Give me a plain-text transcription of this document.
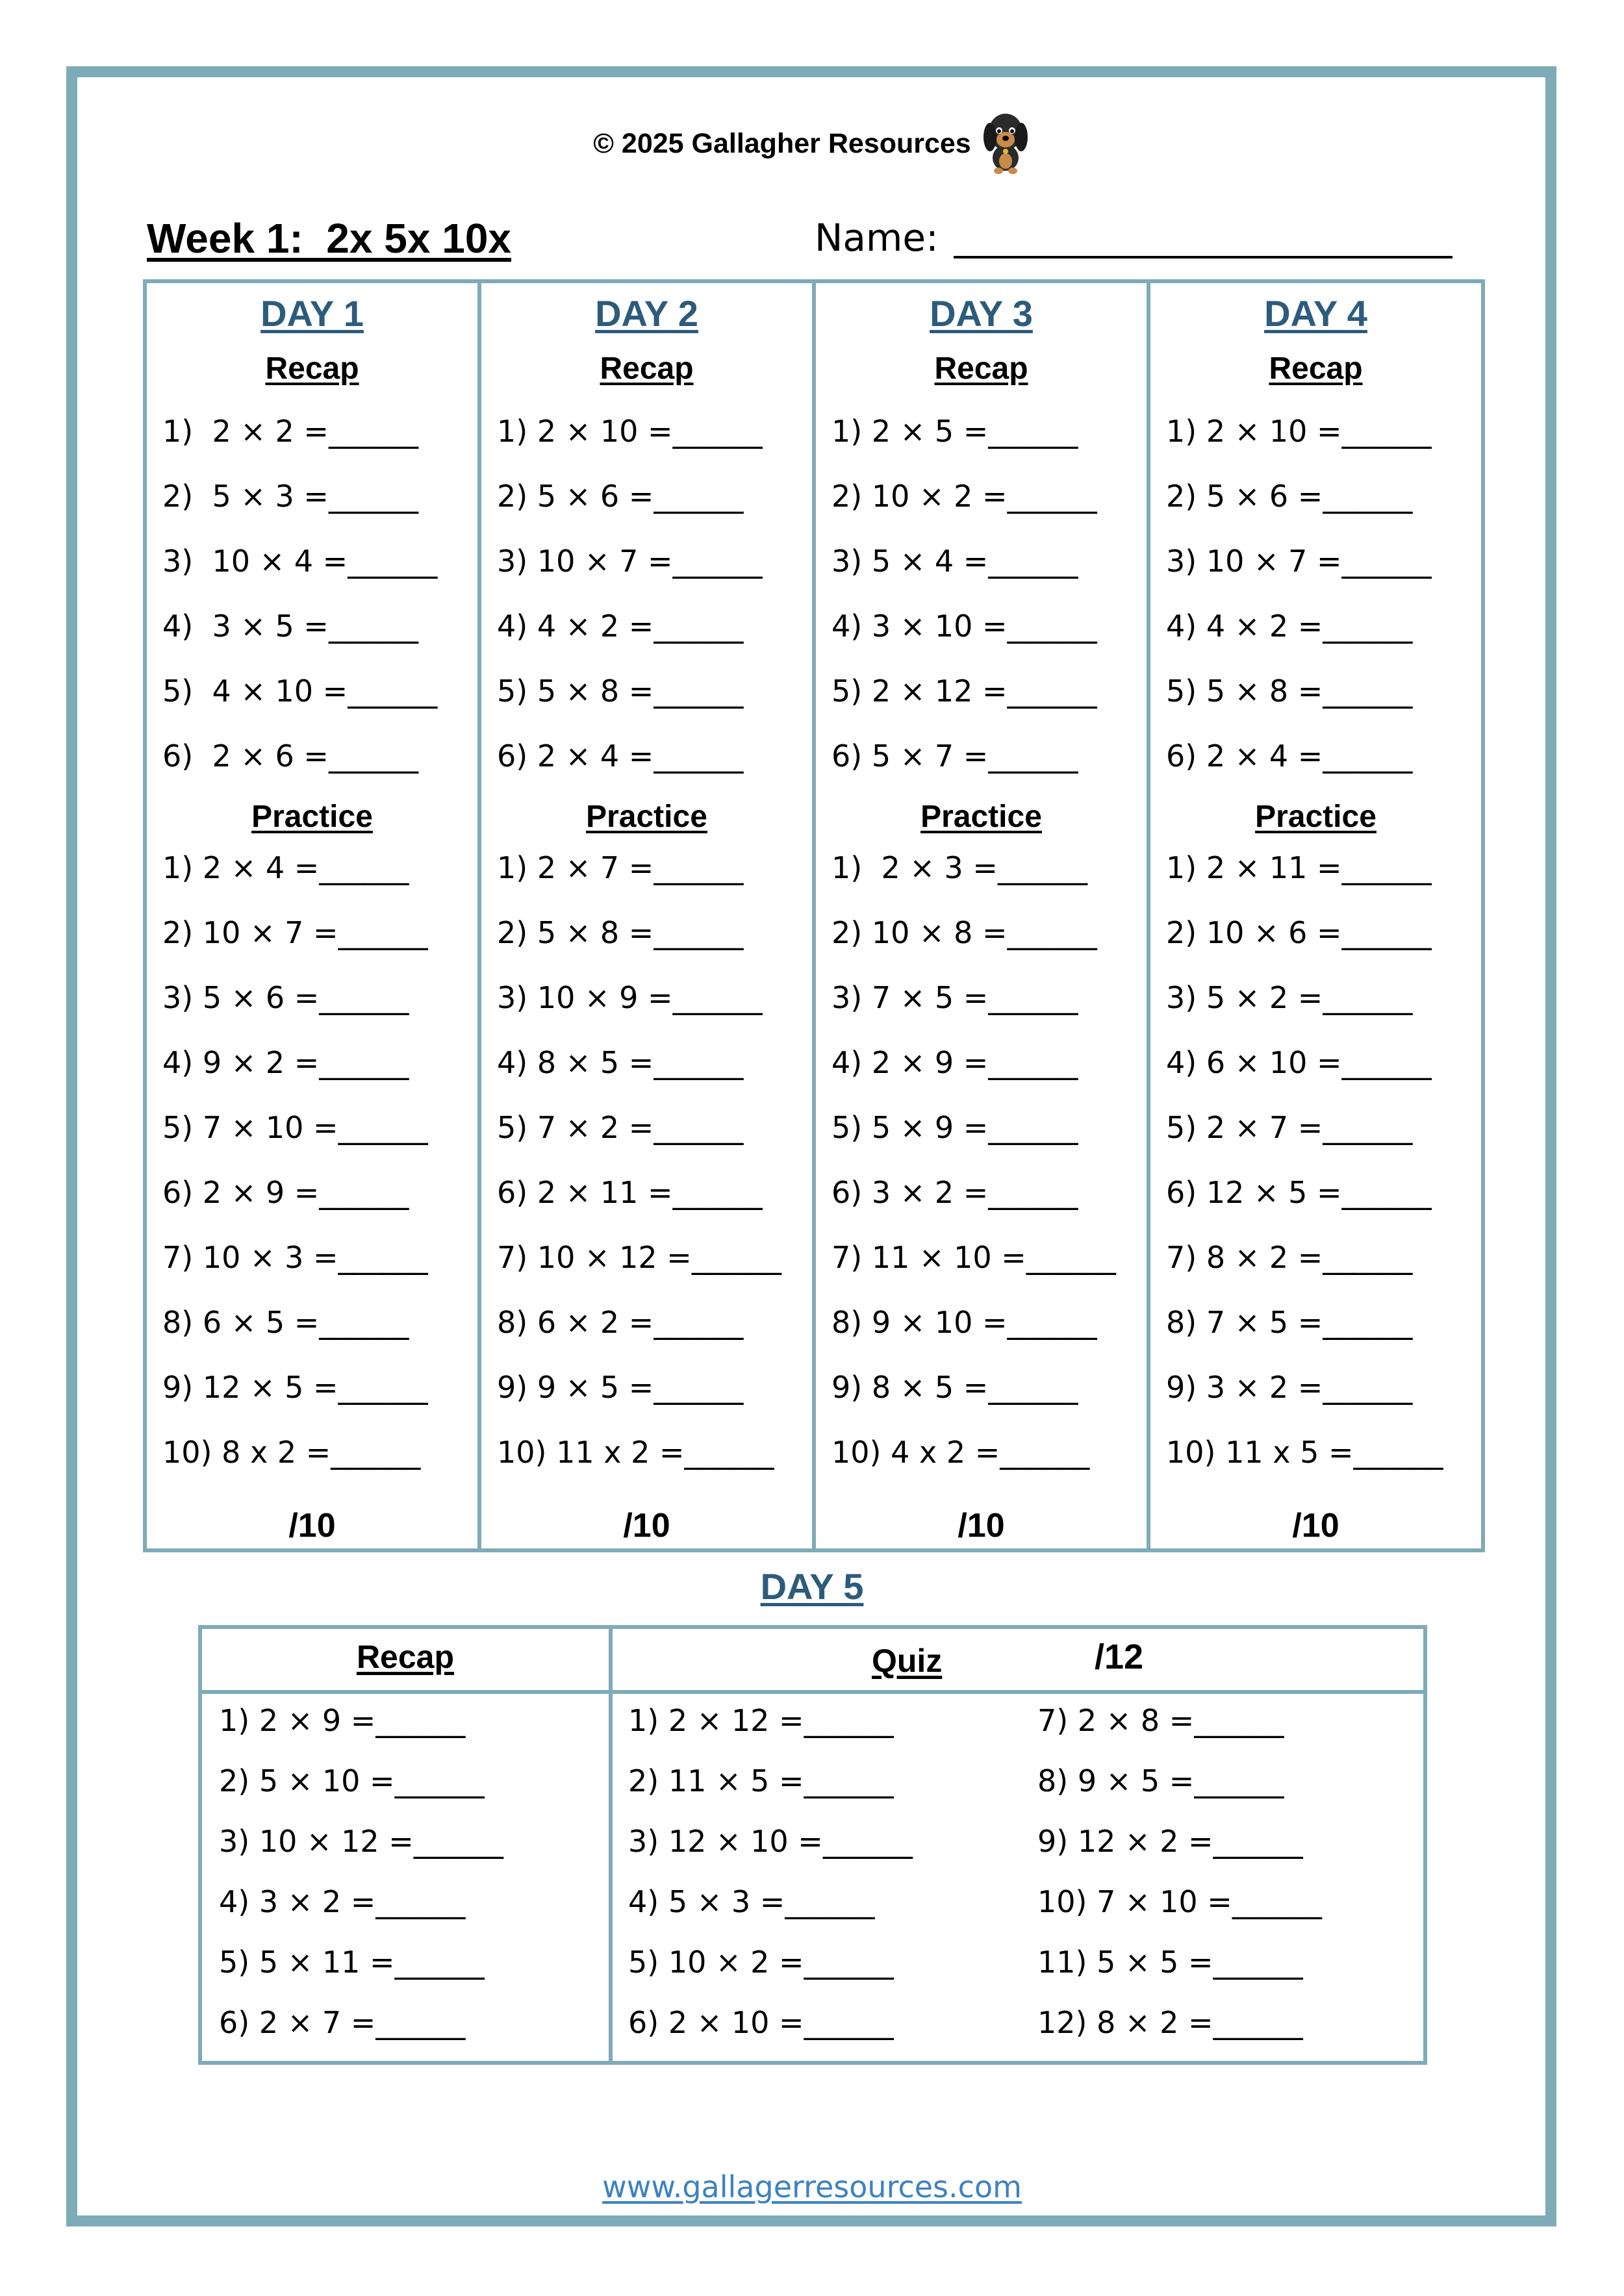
© 2025 Gallagher Resources
Week 1:  2x 5x 10x	Name:
DAY 1
Recap
1)  2 × 2 =______
2)  5 × 3 =______
3)  10 × 4 =______
4)  3 × 5 =______
5)  4 × 10 =______
6)  2 × 6 =______
Practice
1) 2 × 4 =______
2) 10 × 7 =______
3) 5 × 6 =______
4) 9 × 2 =______
5) 7 × 10 =______
6) 2 × 9 =______
7) 10 × 3 =______
8) 6 × 5 =______
9) 12 × 5 =______
10) 8 x 2 =______
/10
DAY 2
Recap
1) 2 × 10 =______
2) 5 × 6 =______
3) 10 × 7 =______
4) 4 × 2 =______
5) 5 × 8 =______
6) 2 × 4 =______
Practice
1) 2 × 7 =______
2) 5 × 8 =______
3) 10 × 9 =______
4) 8 × 5 =______
5) 7 × 2 =______
6) 2 × 11 =______
7) 10 × 12 =______
8) 6 × 2 =______
9) 9 × 5 =______
10) 11 x 2 =______
/10
DAY 3
Recap
1) 2 × 5 =______
2) 10 × 2 =______
3) 5 × 4 =______
4) 3 × 10 =______
5) 2 × 12 =______
6) 5 × 7 =______
Practice
1)  2 × 3 =______
2) 10 × 8 =______
3) 7 × 5 =______
4) 2 × 9 =______
5) 5 × 9 =______
6) 3 × 2 =______
7) 11 × 10 =______
8) 9 × 10 =______
9) 8 × 5 =______
10) 4 x 2 =______
/10
DAY 4
Recap
1) 2 × 10 =______
2) 5 × 6 =______
3) 10 × 7 =______
4) 4 × 2 =______
5) 5 × 8 =______
6) 2 × 4 =______
Practice
1) 2 × 11 =______
2) 10 × 6 =______
3) 5 × 2 =______
4) 6 × 10 =______
5) 2 × 7 =______
6) 12 × 5 =______
7) 8 × 2 =______
8) 7 × 5 =______
9) 3 × 2 =______
10) 11 x 5 =______
/10
DAY 5
Recap	Quiz	/12
1) 2 × 9 =______
2) 5 × 10 =______
3) 10 × 12 =______
4) 3 × 2 =______
5) 5 × 11 =______
6) 2 × 7 =______
1) 2 × 12 =______
2) 11 × 5 =______
3) 12 × 10 =______
4) 5 × 3 =______
5) 10 × 2 =______
6) 2 × 10 =______
7) 2 × 8 =______
8) 9 × 5 =______
9) 12 × 2 =______
10) 7 × 10 =______
11) 5 × 5 =______
12) 8 × 2 =______
www.gallagerresources.com
